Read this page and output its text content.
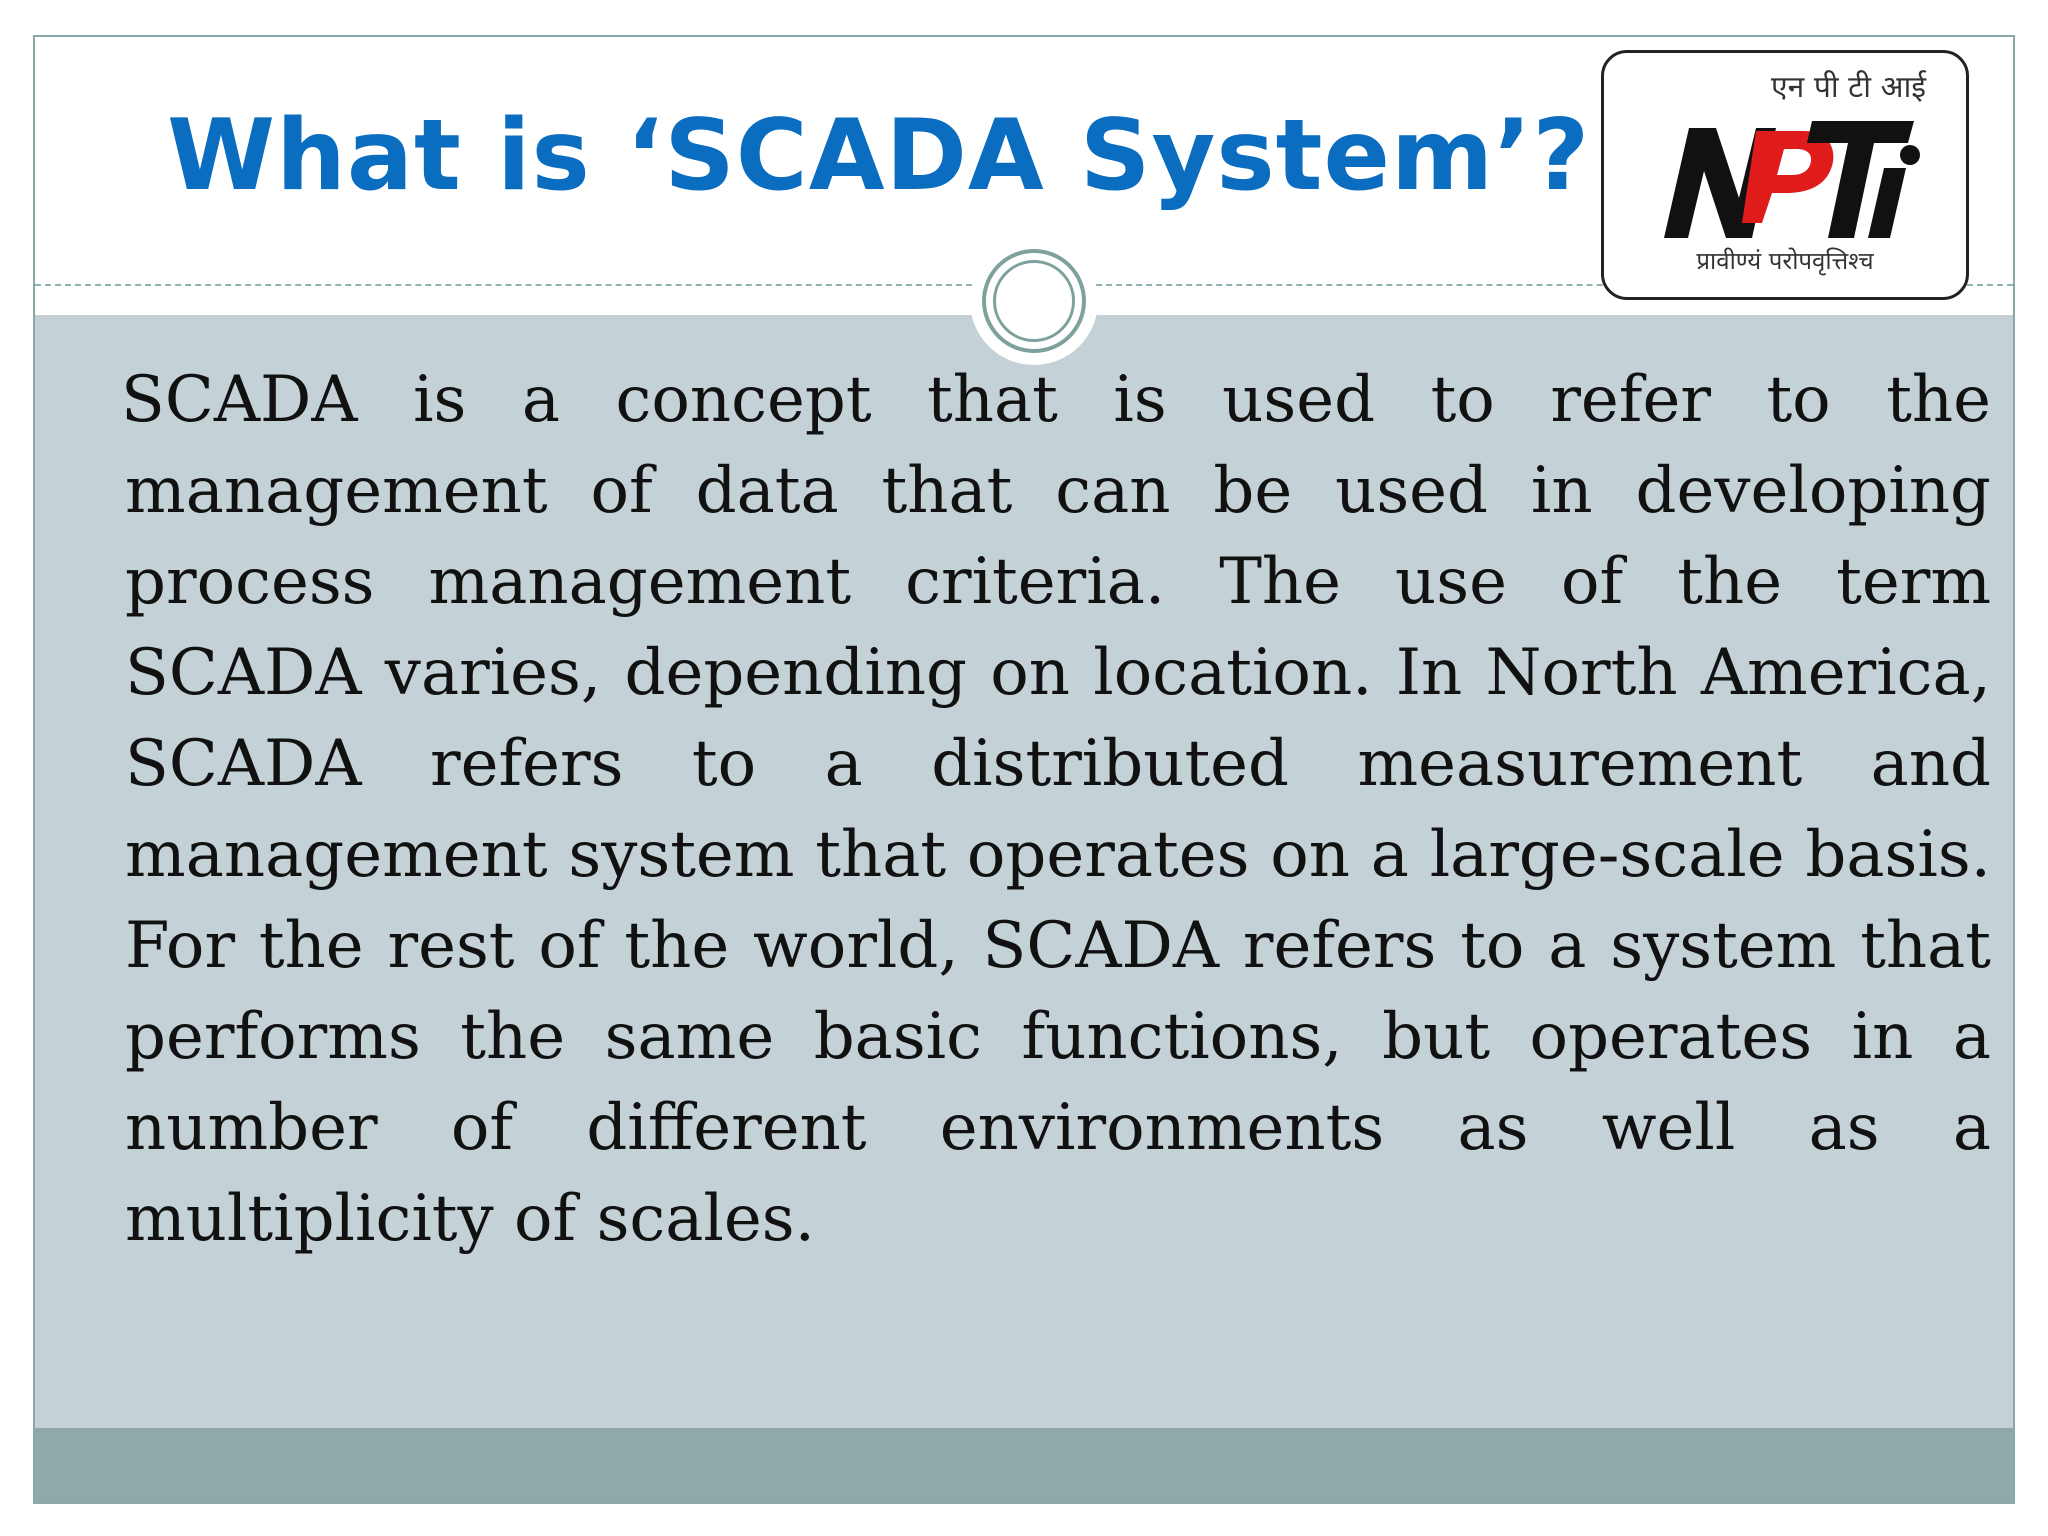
What is ‘SCADA System’?

SCADA is a concept that is used to refer to the management of data that can be used in developing process management criteria. The use of the term SCADA varies, depending on location. In North America, SCADA refers to a distributed measurement and management system that operates on a large-scale basis. For the rest of the world, SCADA refers to a system that performs the same basic functions, but operates in a number of different environments as well as a multiplicity of scales.

एन पी टी आई
प्रावीण्यं परोपवृत्तिश्च
